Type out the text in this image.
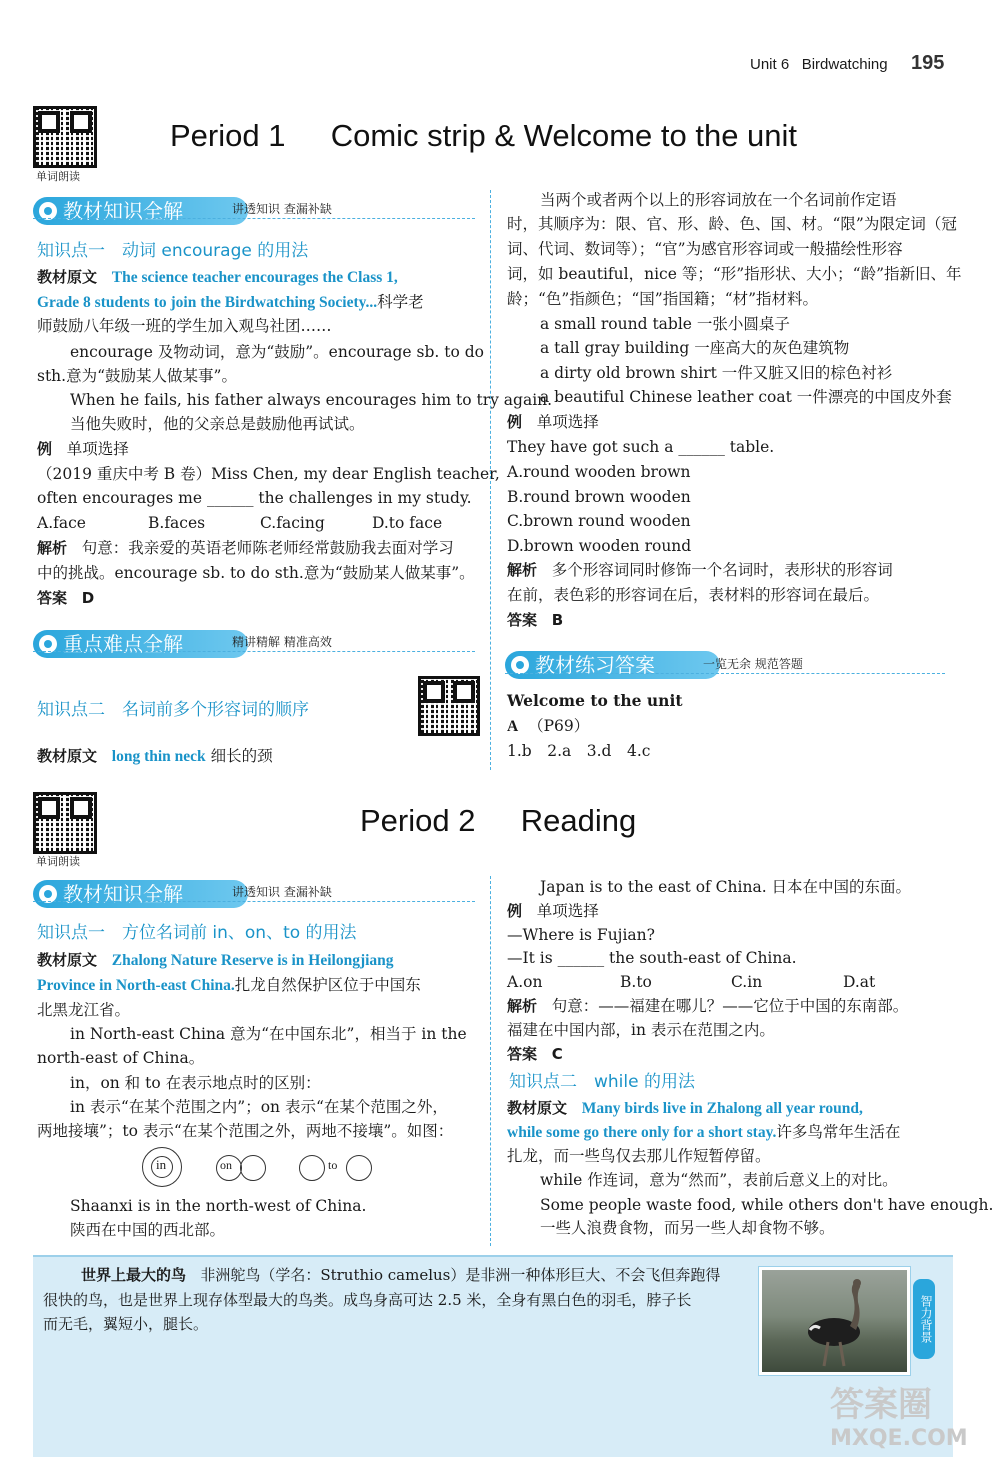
Unit 6 Birdwatching 195
单词朗读
Period 1 Comic strip & Welcome to the unit
教材知识全解	讲透知识 查漏补缺
知识点一　动词 encourage 的用法
教材原文 The science teacher encourages the Class 1,
Grade 8 students to join the Birdwatching Society...科学老
师鼓励八年级一班的学生加入观鸟社团……
encourage 及物动词，意为“鼓励”。encourage sb. to do
sth.意为“鼓励某人做某事”。
When he fails, his father always encourages him to try again.
当他失败时，他的父亲总是鼓励他再试试。
例 单项选择
（2019 重庆中考 B 卷）Miss Chen, my dear English teacher,
often encourages me ______ the challenges in my study.
A.face	B.faces	C.facing	D.to face
解析 句意：我亲爱的英语老师陈老师经常鼓励我去面对学习
中的挑战。encourage sb. to do sth.意为“鼓励某人做某事”。
答案 D
重点难点全解	精讲精解 精准高效
知识点二　名词前多个形容词的顺序
教材原文 long thin neck 细长的颈
当两个或者两个以上的形容词放在一个名词前作定语
时，其顺序为：限、官、形、龄、色、国、材。“限”为限定词（冠
词、代词、数词等）；“官”为感官形容词或一般描绘性形容
词，如 beautiful，nice 等；“形”指形状、大小；“龄”指新旧、年
龄；“色”指颜色；“国”指国籍；“材”指材料。
a small round table 一张小圆桌子
a tall gray building 一座高大的灰色建筑物
a dirty old brown shirt 一件又脏又旧的棕色衬衫
a beautiful Chinese leather coat 一件漂亮的中国皮外套
例 单项选择
They have got such a ______ table.
A.round wooden brown
B.round brown wooden
C.brown round wooden
D.brown wooden round
解析 多个形容词同时修饰一个名词时，表形状的形容词
在前，表色彩的形容词在后，表材料的形容词在最后。
答案 B
教材练习答案	一览无余 规范答题
Welcome to the unit
A （P69）
1.b　2.a　3.d　4.c
单词朗读
Period 2 Reading
教材知识全解	讲透知识 查漏补缺
知识点一　方位名词前 in、on、to 的用法
教材原文 Zhalong Nature Reserve is in Heilongjiang
Province in North-east China.扎龙自然保护区位于中国东
北黑龙江省。
in North-east China 意为“在中国东北”，相当于 in the
north-east of China。
in，on 和 to 在表示地点时的区别：
in 表示“在某个范围之内”；on 表示“在某个范围之外，
两地接壤”；to 表示“在某个范围之外，两地不接壤”。如图：
in	on	to
Shaanxi is in the north-west of China.
陕西在中国的西北部。
Japan is to the east of China. 日本在中国的东面。
例 单项选择
—Where is Fujian?
—It is ______ the south-east of China.
A.on	B.to	C.in	D.at
解析 句意：——福建在哪儿？——它位于中国的东南部。
福建在中国内部，in 表示在范围之内。
答案 C
知识点二　while 的用法
教材原文 Many birds live in Zhalong all year round,
while some go there only for a short stay.许多鸟常年生活在
扎龙，而一些鸟仅去那儿作短暂停留。
while 作连词，意为“然而”，表前后意义上的对比。
Some people waste food, while others don't have enough.
一些人浪费食物，而另一些人却食物不够。
世界上最大的鸟 非洲鸵鸟（学名：Struthio camelus）是非洲一种体形巨大、不会飞但奔跑得
很快的鸟，也是世界上现存体型最大的鸟类。成鸟身高可达 2.5 米，全身有黑白色的羽毛，脖子长
而无毛，翼短小，腿长。	智力背景
答案圈
MXQE.COM
